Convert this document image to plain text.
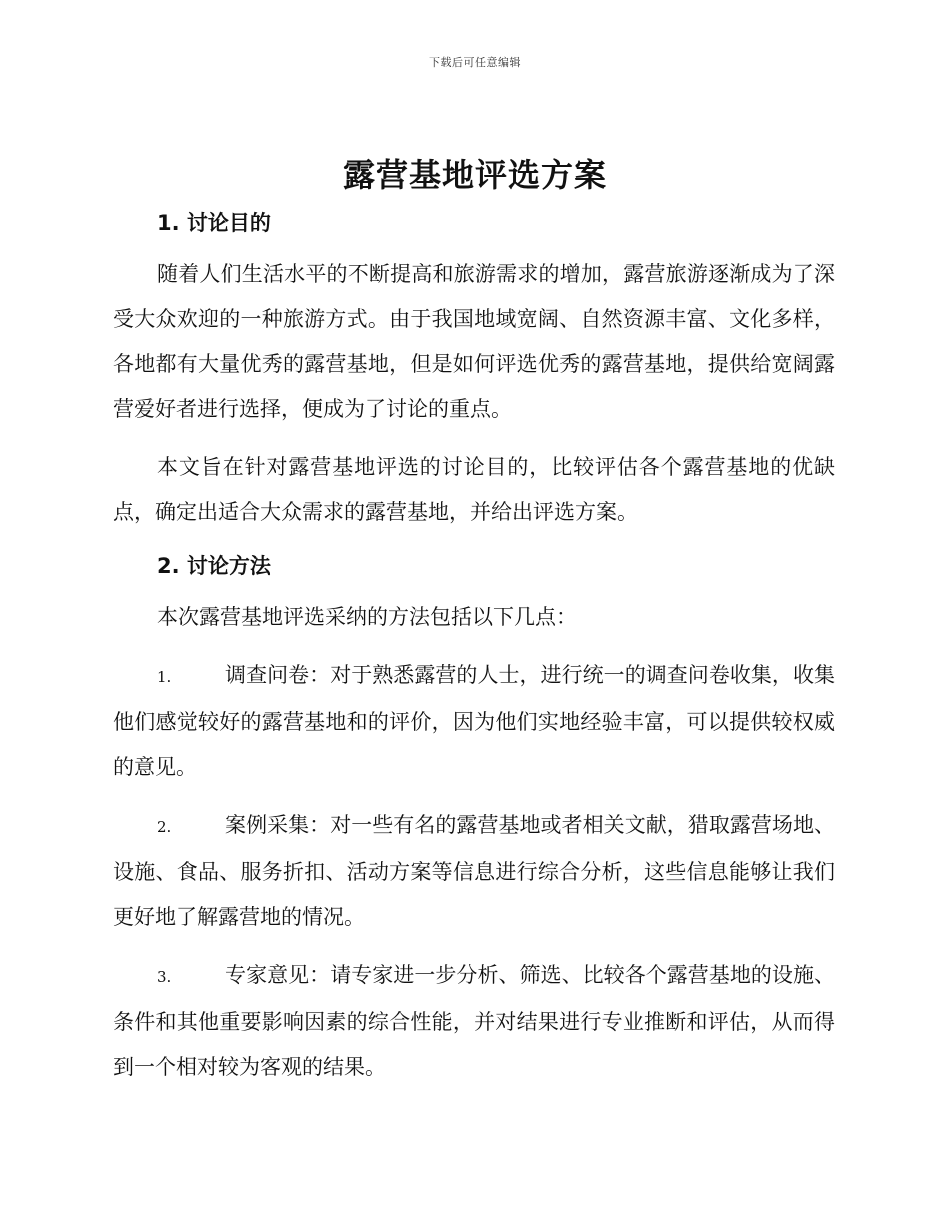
下载后可任意编辑
露营基地评选方案
1. 讨论目的

随着人们生活水平的不断提高和旅游需求的增加，露营旅游逐渐成为了深受大众欢迎的一种旅游方式。由于我国地域宽阔、自然资源丰富、文化多样，各地都有大量优秀的露营基地，但是如何评选优秀的露营基地，提供给宽阔露营爱好者进行选择，便成为了讨论的重点。

本文旨在针对露营基地评选的讨论目的，比较评估各个露营基地的优缺点，确定出适合大众需求的露营基地，并给出评选方案。

2. 讨论方法

本次露营基地评选采纳的方法包括以下几点：

1.	调查问卷：对于熟悉露营的人士，进行统一的调查问卷收集，收集他们感觉较好的露营基地和的评价，因为他们实地经验丰富，可以提供较权威的意见。
2.	案例采集：对一些有名的露营基地或者相关文献，猎取露营场地、设施、食品、服务折扣、活动方案等信息进行综合分析，这些信息能够让我们更好地了解露营地的情况。
3.	专家意见：请专家进一步分析、筛选、比较各个露营基地的设施、条件和其他重要影响因素的综合性能，并对结果进行专业推断和评估，从而得到一个相对较为客观的结果。
